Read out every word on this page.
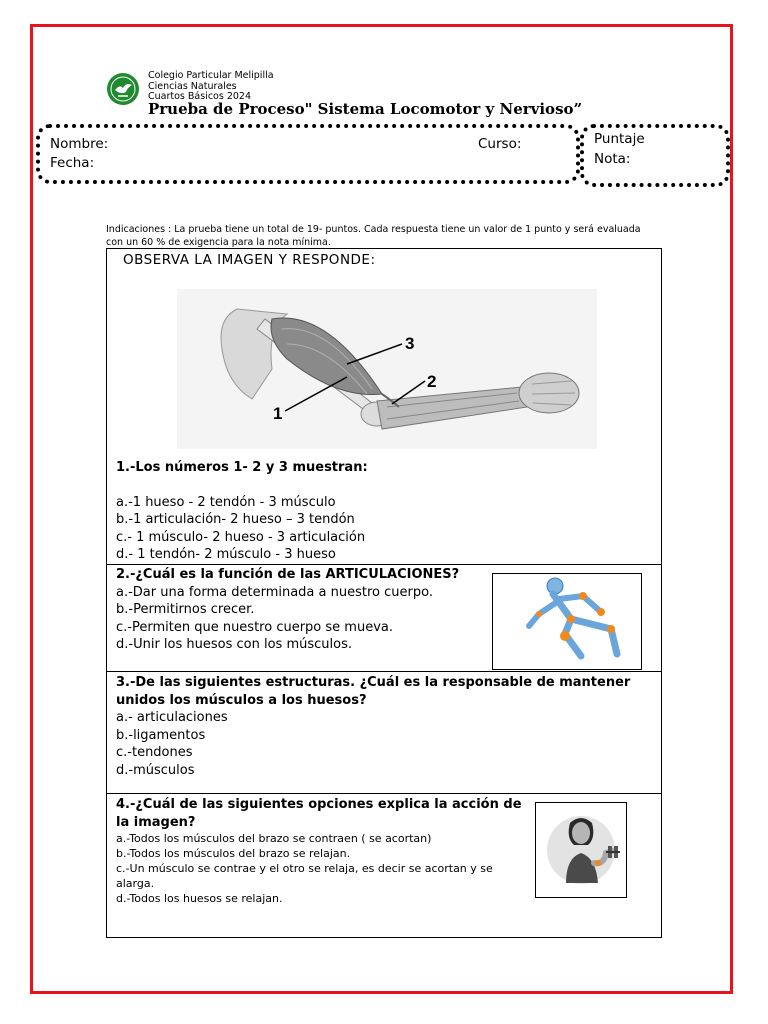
Colegio Particular Melipilla
Ciencias Naturales
Cuartos Básicos 2024
Prueba de Proceso" Sistema Locomotor y Nervioso”
Nombre:	Curso:
Fecha:
Puntaje
Nota:
Indicaciones : La prueba tiene un total de 19- puntos. Cada respuesta tiene un valor de 1 punto y será evaluada con un 60 % de exigencia para la nota mínima.
OBSERVA LA IMAGEN Y RESPONDE:
1
2
3
1.-Los números 1- 2 y 3 muestran:
a.-1 hueso - 2 tendón - 3 músculo
b.-1 articulación- 2 hueso – 3 tendón
c.- 1 músculo- 2 hueso - 3 articulación
d.- 1 tendón- 2 músculo - 3 hueso
2.-¿Cuál es la función de las ARTICULACIONES?
a.-Dar una forma determinada a nuestro cuerpo.
b.-Permitirnos crecer.
c.-Permiten que nuestro cuerpo se mueva.
d.-Unir los huesos con los músculos.
3.-De las siguientes estructuras. ¿Cuál es la responsable de mantener unidos los músculos a los huesos?
a.- articulaciones
b.-ligamentos
c.-tendones
d.-músculos
4.-¿Cuál de las siguientes opciones explica la acción de la imagen?
a.-Todos los músculos del brazo se contraen ( se acortan)
b.-Todos los músculos del brazo se relajan.
c.-Un músculo se contrae y el otro se relaja, es decir se acortan y se alarga.
d.-Todos los huesos se relajan.
